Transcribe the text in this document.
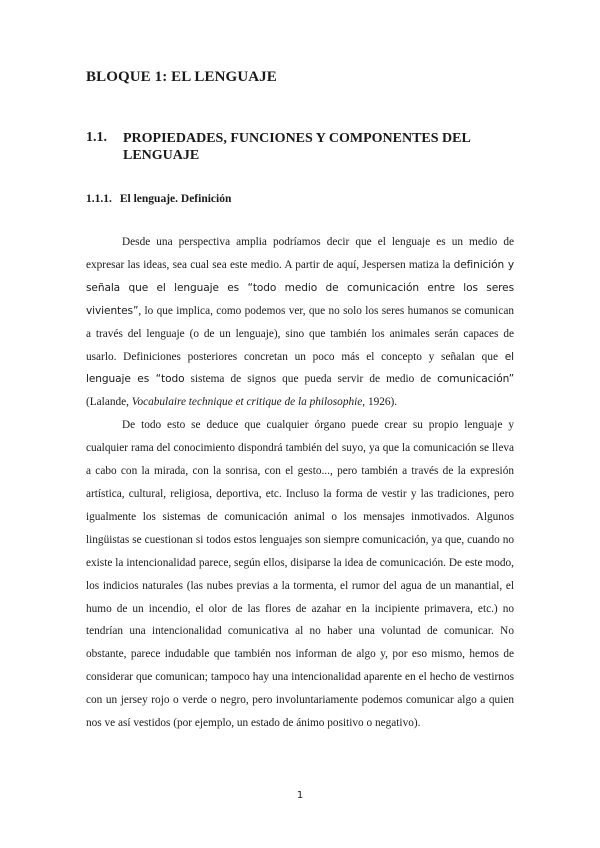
BLOQUE 1: EL LENGUAJE
1.1. PROPIEDADES, FUNCIONES Y COMPONENTES DEL LENGUAJE
1.1.1. El lenguaje. Definición

Desde una perspectiva amplia podríamos decir que el lenguaje es un medio de expresar las ideas, sea cual sea este medio. A partir de aquí, Jespersen matiza la definición y señala que el lenguaje es “todo medio de comunicación entre los seres vivientes”, lo que implica, como podemos ver, que no solo los seres humanos se comunican a través del lenguaje (o de un lenguaje), sino que también los animales serán capaces de usarlo. Definiciones posteriores concretan un poco más el concepto y señalan que el lenguaje es “todo sistema de signos que pueda servir de medio de comunicación” (Lalande, Vocabulaire technique et critique de la philosophie, 1926).

De todo esto se deduce que cualquier órgano puede crear su propio lenguaje y cualquier rama del conocimiento dispondrá también del suyo, ya que la comunicación se lleva a cabo con la mirada, con la sonrisa, con el gesto..., pero también a través de la expresión artística, cultural, religiosa, deportiva, etc. Incluso la forma de vestir y las tradiciones, pero igualmente los sistemas de comunicación animal o los mensajes inmotivados. Algunos lingüistas se cuestionan si todos estos lenguajes son siempre comunicación, ya que, cuando no existe la intencionalidad parece, según ellos, disiparse la idea de comunicación. De este modo, los indicios naturales (las nubes previas a la tormenta, el rumor del agua de un manantial, el humo de un incendio, el olor de las flores de azahar en la incipiente primavera, etc.) no tendrían una intencionalidad comunicativa al no haber una voluntad de comunicar. No obstante, parece indudable que también nos informan de algo y, por eso mismo, hemos de considerar que comunican; tampoco hay una intencionalidad aparente en el hecho de vestirnos con un jersey rojo o verde o negro, pero involuntariamente podemos comunicar algo a quien nos ve así vestidos (por ejemplo, un estado de ánimo positivo o negativo).

1
